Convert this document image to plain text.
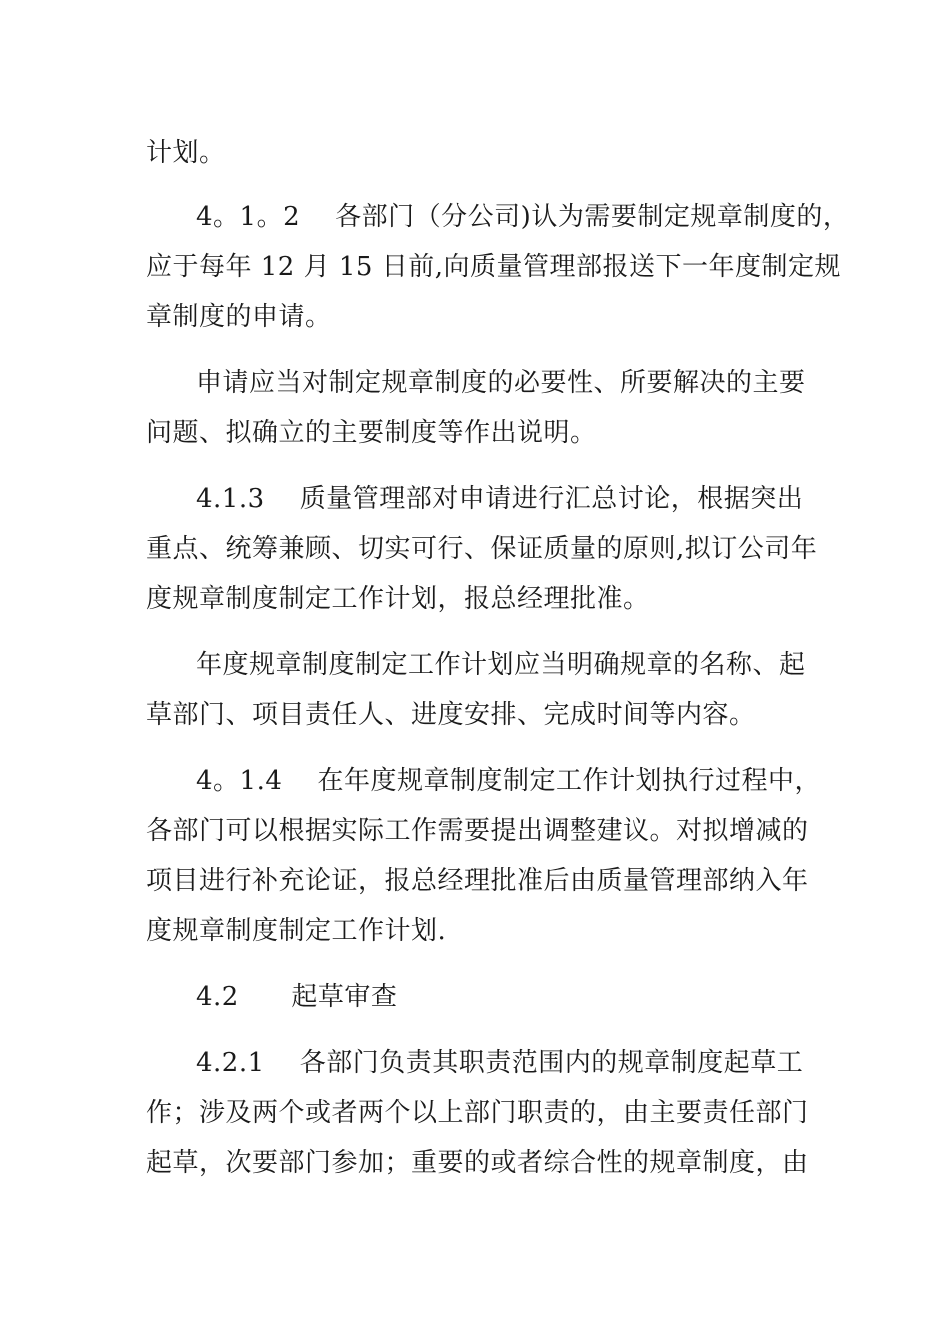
计划。
4。1。2    各部门（分公司)认为需要制定规章制度的，
应于每年 12 月 15 日前,向质量管理部报送下一年度制定规
章制度的申请。
申请应当对制定规章制度的必要性、所要解决的主要
问题、拟确立的主要制度等作出说明。
4.1.3    质量管理部对申请进行汇总讨论，根据突出
重点、统筹兼顾、切实可行、保证质量的原则,拟订公司年
度规章制度制定工作计划，报总经理批准。
年度规章制度制定工作计划应当明确规章的名称、起
草部门、项目责任人、进度安排、完成时间等内容。
4。1.4    在年度规章制度制定工作计划执行过程中，
各部门可以根据实际工作需要提出调整建议。对拟增减的
项目进行补充论证，报总经理批准后由质量管理部纳入年
度规章制度制定工作计划.
4.2      起草审查
4.2.1    各部门负责其职责范围内的规章制度起草工
作；涉及两个或者两个以上部门职责的，由主要责任部门
起草，次要部门参加；重要的或者综合性的规章制度，由
